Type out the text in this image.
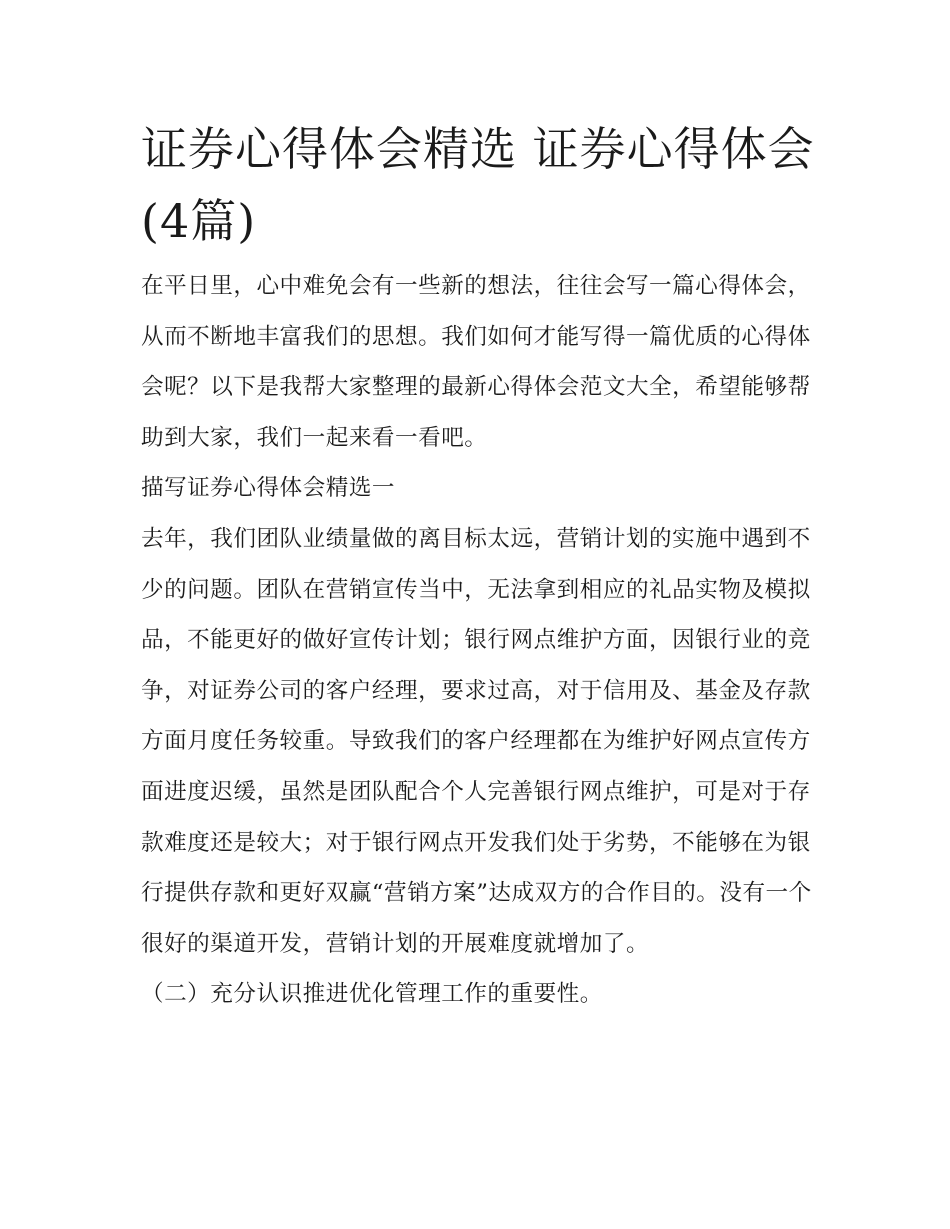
证券心得体会精选 证券心得体会(4篇)

在平日里，心中难免会有一些新的想法，往往会写一篇心得体会，从而不断地丰富我们的思想。我们如何才能写得一篇优质的心得体会呢？以下是我帮大家整理的最新心得体会范文大全，希望能够帮助到大家，我们一起来看一看吧。

描写证券心得体会精选一

去年，我们团队业绩量做的离目标太远，营销计划的实施中遇到不少的问题。团队在营销宣传当中，无法拿到相应的礼品实物及模拟品，不能更好的做好宣传计划；银行网点维护方面，因银行业的竞争，对证券公司的客户经理，要求过高，对于信用及、基金及存款方面月度任务较重。导致我们的客户经理都在为维护好网点宣传方面进度迟缓，虽然是团队配合个人完善银行网点维护，可是对于存款难度还是较大；对于银行网点开发我们处于劣势，不能够在为银行提供存款和更好双赢“营销方案”达成双方的合作目的。没有一个很好的渠道开发，营销计划的开展难度就增加了。

（二）充分认识推进优化管理工作的重要性。
